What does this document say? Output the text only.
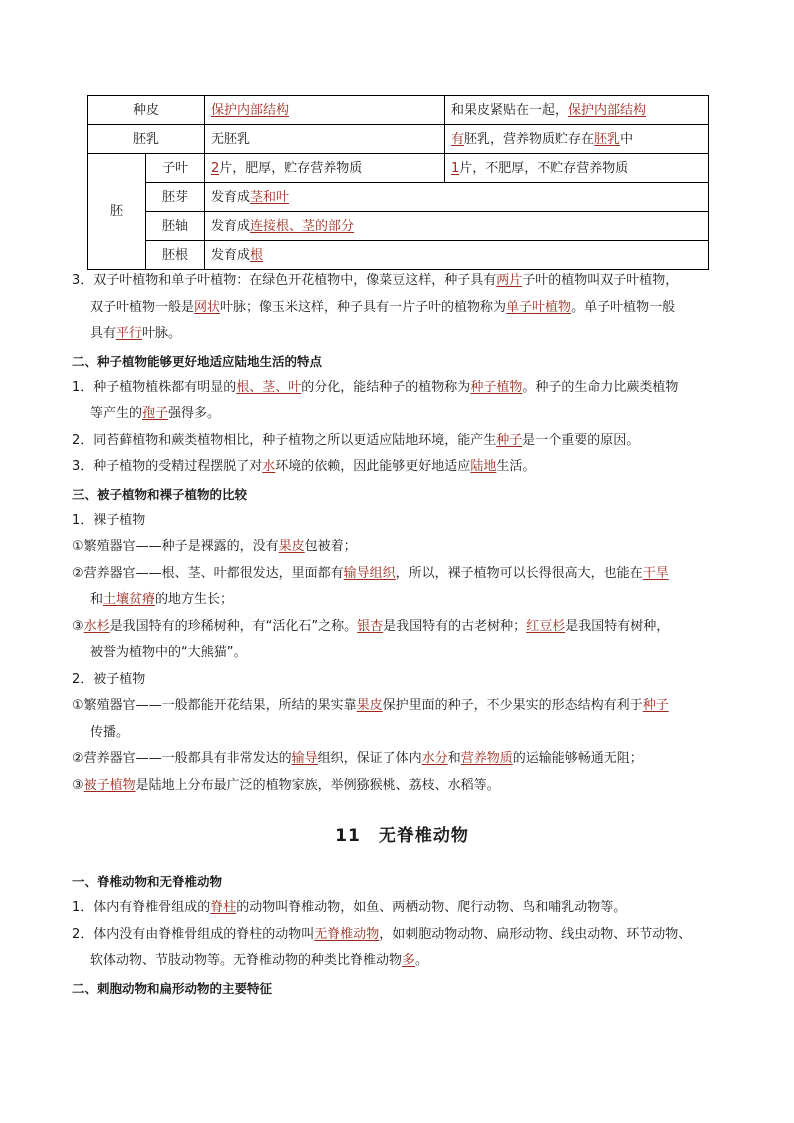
种皮		保护内部结构	和果皮紧贴在一起，保护内部结构
胚乳		无胚乳	有胚乳，营养物质贮存在胚乳中
胚	子叶	2片，肥厚，贮存营养物质	1片，不肥厚，不贮存营养物质
	胚芽	发育成茎和叶	
	胚轴	发育成连接根、茎的部分	
	胚根	发育成根	
3．双子叶植物和单子叶植物：在绿色开花植物中，像菜豆这样，种子具有两片子叶的植物叫双子叶植物，
双子叶植物一般是网状叶脉；像玉米这样，种子具有一片子叶的植物称为单子叶植物。单子叶植物一般
具有平行叶脉。
二、种子植物能够更好地适应陆地生活的特点
1．种子植物植株都有明显的根、茎、叶的分化，能结种子的植物称为种子植物。种子的生命力比蕨类植物
等产生的孢子强得多。
2．同苔藓植物和蕨类植物相比，种子植物之所以更适应陆地环境，能产生种子是一个重要的原因。
3．种子植物的受精过程摆脱了对水环境的依赖，因此能够更好地适应陆地生活。
三、被子植物和裸子植物的比较
1．裸子植物
①繁殖器官——种子是裸露的，没有果皮包被着；
②营养器官——根、茎、叶都很发达，里面都有输导组织，所以，裸子植物可以长得很高大，也能在干旱
和土壤贫瘠的地方生长；
③水杉是我国特有的珍稀树种，有“活化石”之称。银杏是我国特有的古老树种；红豆杉是我国特有树种，
被誉为植物中的“大熊猫”。
2．被子植物
①繁殖器官——一般都能开花结果，所结的果实靠果皮保护里面的种子，不少果实的形态结构有利于种子
传播。
②营养器官——一般都具有非常发达的输导组织，保证了体内水分和营养物质的运输能够畅通无阻；
③被子植物是陆地上分布最广泛的植物家族，举例猕猴桃、荔枝、水稻等。
11 无脊椎动物
一、脊椎动物和无脊椎动物
1．体内有脊椎骨组成的脊柱的动物叫脊椎动物，如鱼、两栖动物、爬行动物、鸟和哺乳动物等。
2．体内没有由脊椎骨组成的脊柱的动物叫无脊椎动物，如刺胞动物动物、扁形动物、线虫动物、环节动物、
软体动物、节肢动物等。无脊椎动物的种类比脊椎动物多。
二、刺胞动物和扁形动物的主要特征
